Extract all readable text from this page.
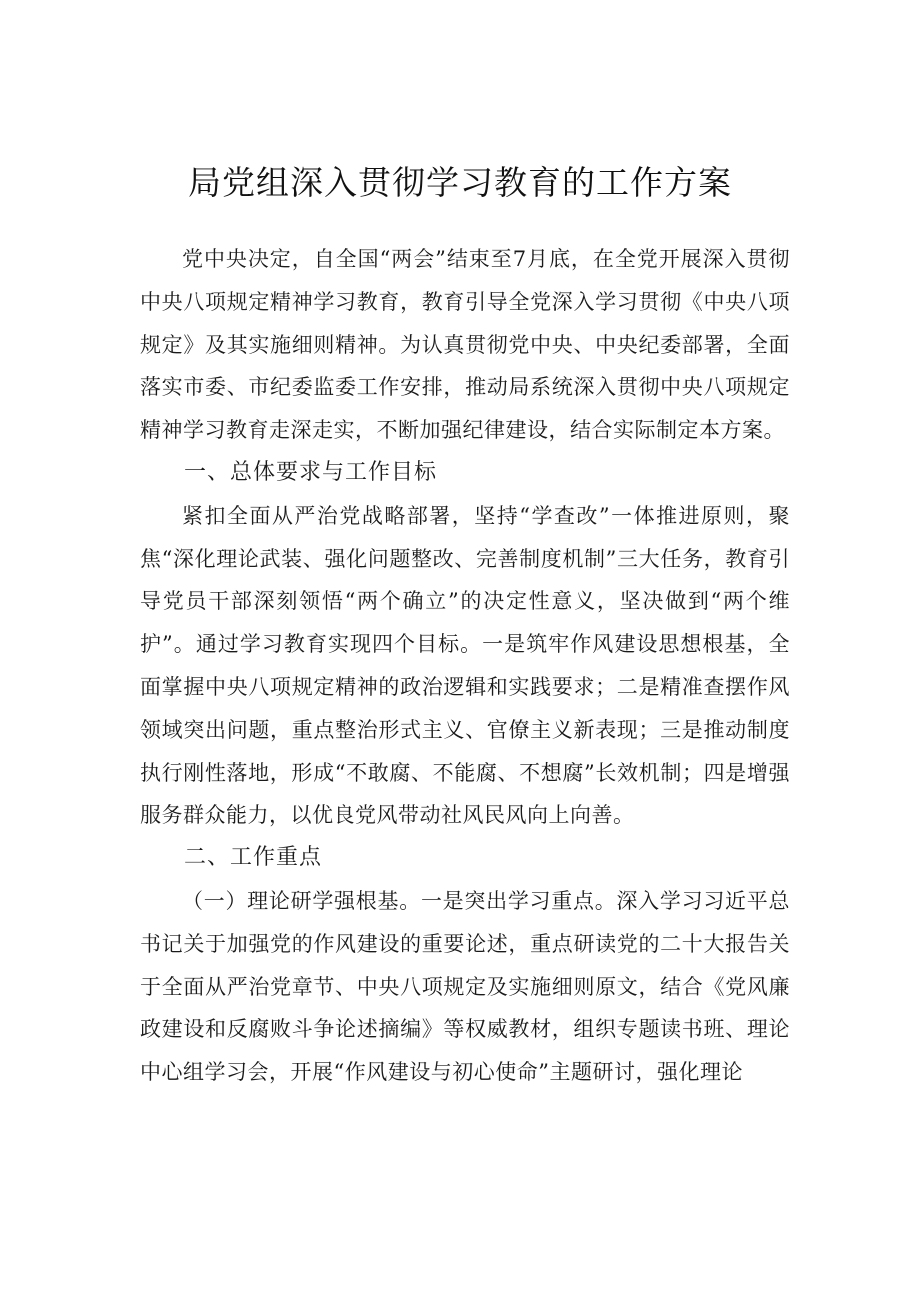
局党组深入贯彻学习教育的工作方案

党中央决定，自全国“两会”结束至7月底，在全党开展深入贯彻中央八项规定精神学习教育，教育引导全党深入学习贯彻《中央八项规定》及其实施细则精神。为认真贯彻党中央、中央纪委部署，全面落实市委、市纪委监委工作安排，推动局系统深入贯彻中央八项规定精神学习教育走深走实，不断加强纪律建设，结合实际制定本方案。

一、总体要求与工作目标

紧扣全面从严治党战略部署，坚持“学查改”一体推进原则，聚焦“深化理论武装、强化问题整改、完善制度机制”三大任务，教育引导党员干部深刻领悟“两个确立”的决定性意义，坚决做到“两个维护”。通过学习教育实现四个目标。一是筑牢作风建设思想根基，全面掌握中央八项规定精神的政治逻辑和实践要求；二是精准查摆作风领域突出问题，重点整治形式主义、官僚主义新表现；三是推动制度执行刚性落地，形成“不敢腐、不能腐、不想腐”长效机制；四是增强服务群众能力，以优良党风带动社风民风向上向善。

二、工作重点

（一）理论研学强根基。一是突出学习重点。深入学习习近平总书记关于加强党的作风建设的重要论述，重点研读党的二十大报告关于全面从严治党章节、中央八项规定及实施细则原文，结合《党风廉政建设和反腐败斗争论述摘编》等权威教材，组织专题读书班、理论中心组学习会，开展“作风建设与初心使命”主题研讨，强化理论
